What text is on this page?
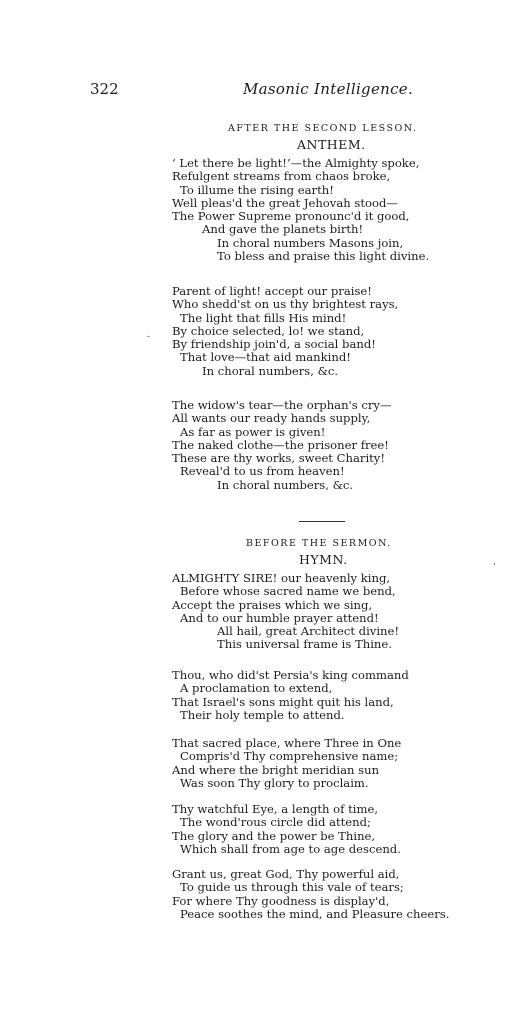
322	Masonic Intelligence.
AFTER THE SECOND LESSON.
ANTHEM.
‘ Let there be light!’—the Almighty spoke,
Refulgent streams from chaos broke,
To illume the rising earth!
Well pleas'd the great Jehovah stood—
The Power Supreme pronounc'd it good,
And gave the planets birth!
In choral numbers Masons join,
To bless and praise this light divine.
Parent of light! accept our praise!
Who shedd'st on us thy brightest rays,
The light that fills His mind!
By choice selected, lo! we stand,
By friendship join'd, a social band!
That love—that aid mankind!
In choral numbers, &c.
The widow's tear—the orphan's cry—
All wants our ready hands supply,
As far as power is given!
The naked clothe—the prisoner free!
These are thy works, sweet Charity!
Reveal'd to us from heaven!
In choral numbers, &c.
BEFORE THE SERMON.
HYMN.
ALMIGHTY SIRE! our heavenly king,
Before whose sacred name we bend,
Accept the praises which we sing,
And to our humble prayer attend!
All hail, great Architect divine!
This universal frame is Thine.
Thou, who did'st Persia's king command
A proclamation to extend,
That Israel's sons might quit his land,
Their holy temple to attend.
That sacred place, where Three in One
Compris'd Thy comprehensive name;
And where the bright meridian sun
Was soon Thy glory to proclaim.
Thy watchful Eye, a length of time,
The wond'rous circle did attend;
The glory and the power be Thine,
Which shall from age to age descend.
Grant us, great God, Thy powerful aid,
To guide us through this vale of tears;
For where Thy goodness is display'd,
Peace soothes the mind, and Pleasure cheers.
-
’
